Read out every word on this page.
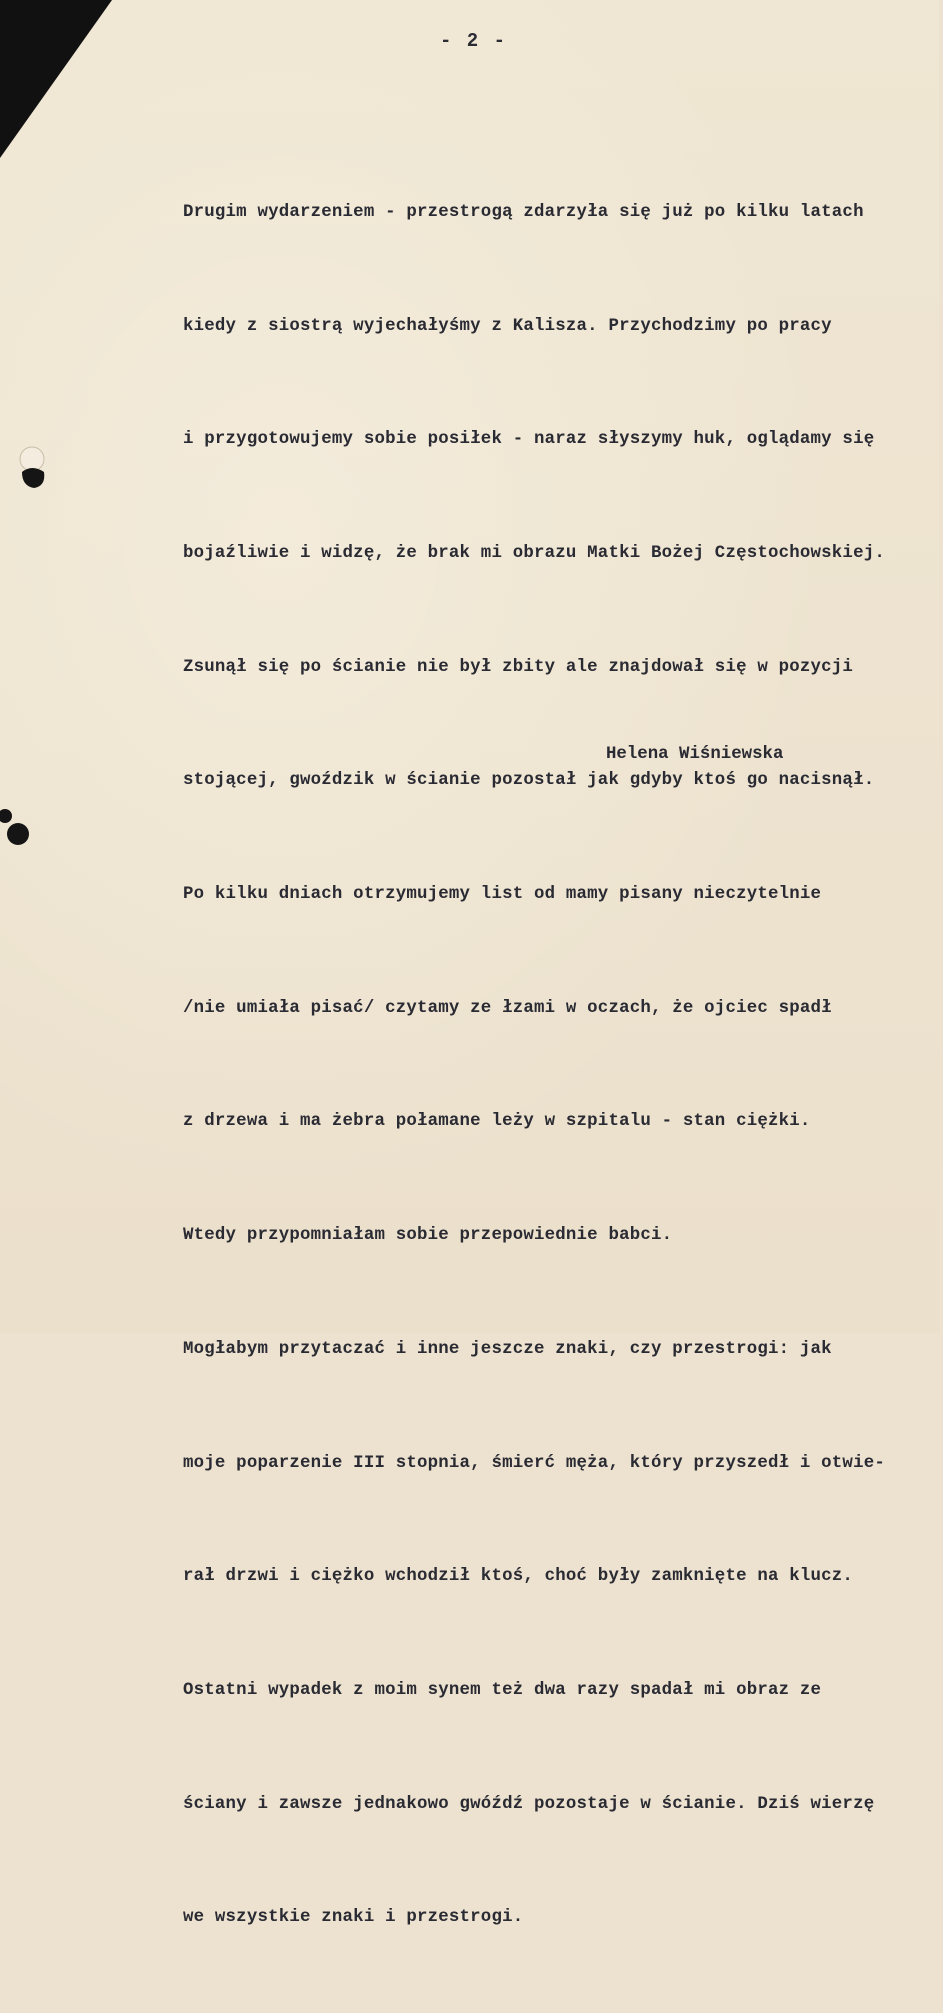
- 2 -

Drugim wydarzeniem - przestrogą zdarzyła się już po kilku latach

kiedy z siostrą wyjechałyśmy z Kalisza. Przychodzimy po pracy

i przygotowujemy sobie posiłek - naraz słyszymy huk, oglądamy się

bojaźliwie i widzę, że brak mi obrazu Matki Bożej Częstochowskiej.

Zsunął się po ścianie nie był zbity ale znajdował się w pozycji

stojącej, gwoździk w ścianie pozostał jak gdyby ktoś go nacisnął.

Po kilku dniach otrzymujemy list od mamy pisany nieczytelnie

/nie umiała pisać/ czytamy ze łzami w oczach, że ojciec spadł

z drzewa i ma żebra połamane leży w szpitalu - stan ciężki.

Wtedy przypomniałam sobie przepowiednie babci.

Mogłabym przytaczać i inne jeszcze znaki, czy przestrogi: jak

moje poparzenie III stopnia, śmierć męża, który przyszedł i otwie-

rał drzwi i ciężko wchodził ktoś, choć były zamknięte na klucz.

Ostatni wypadek z moim synem też dwa razy spadał mi obraz ze

ściany i zawsze jednakowo gwóźdź pozostaje w ścianie. Dziś wierzę

we wszystkie znaki i przestrogi.

Helena Wiśniewska
